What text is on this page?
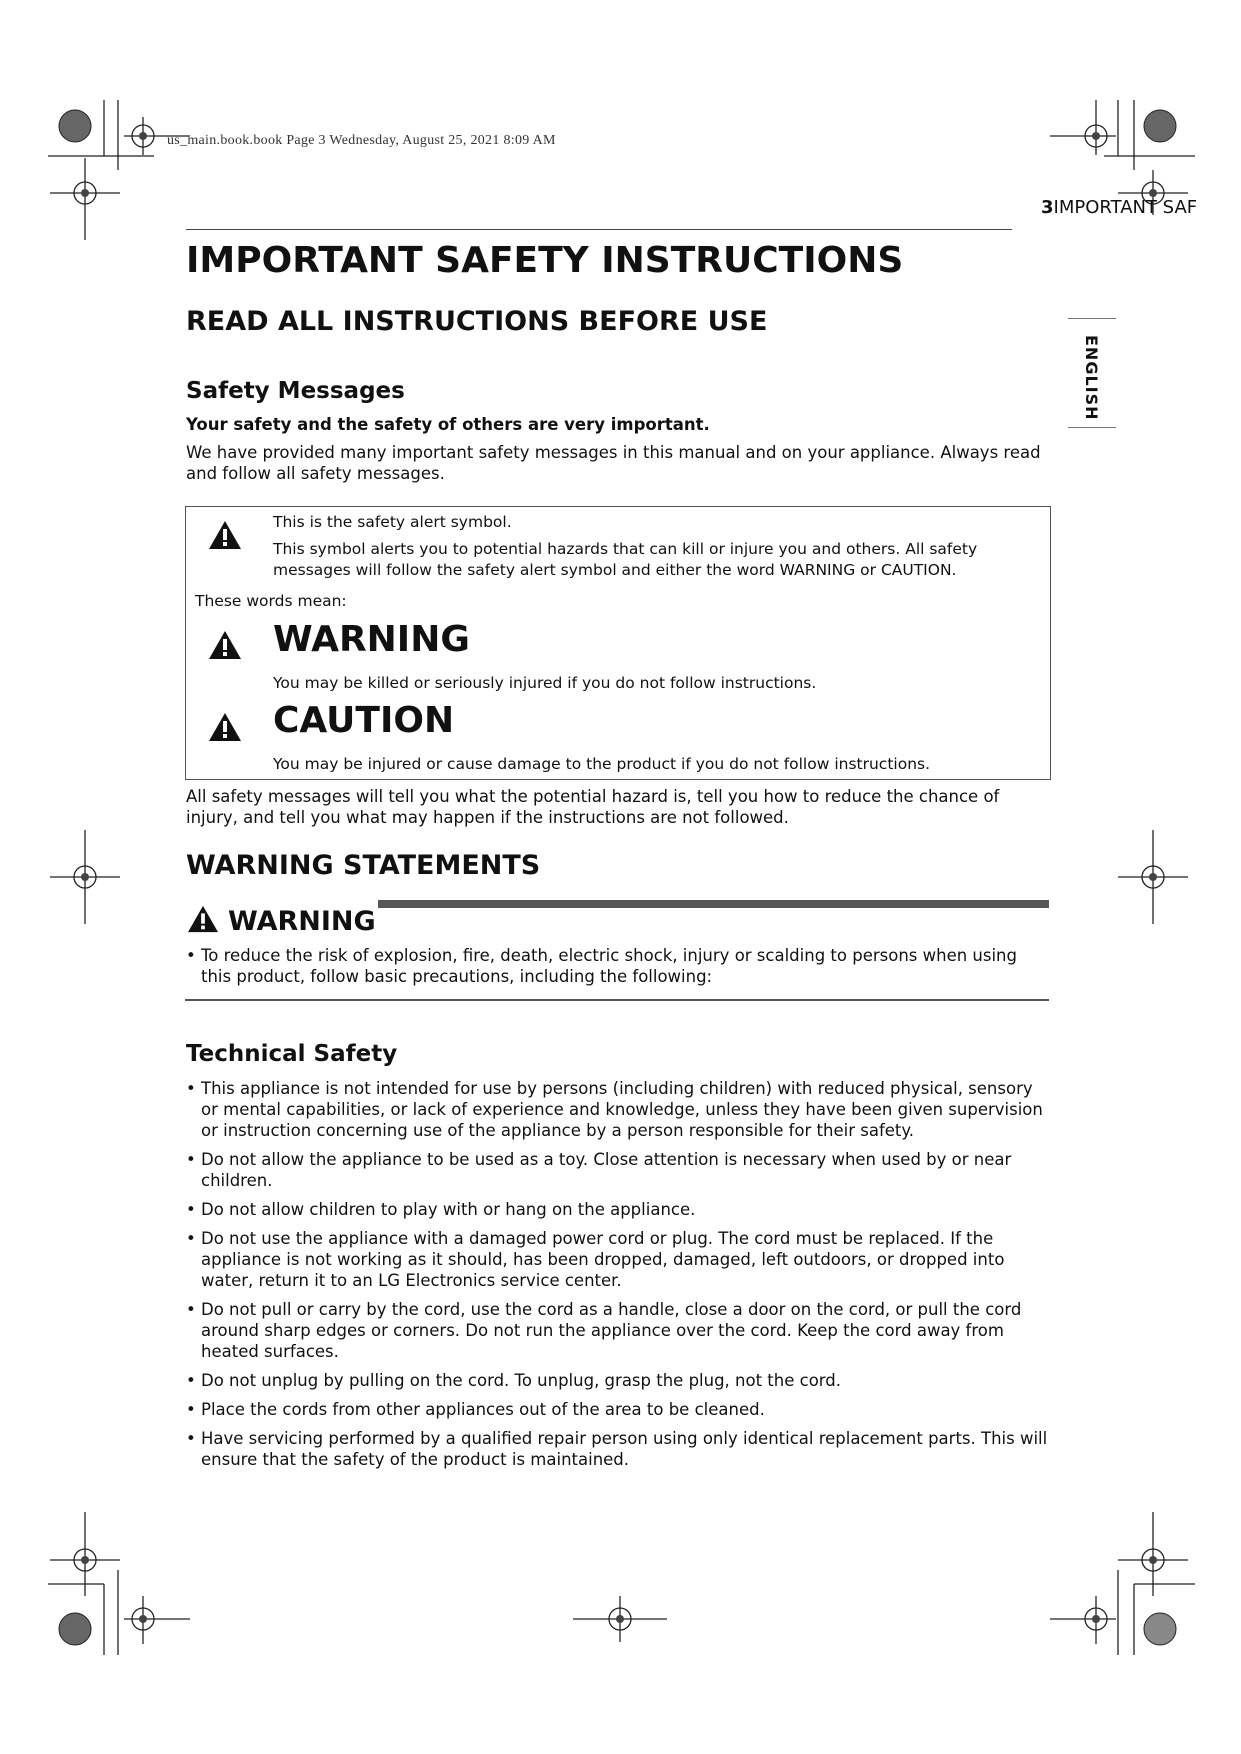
us_main.book.book Page 3 Wednesday, August 25, 2021 8:09 AM
3IMPORTANT SAF
ENGLISH
IMPORTANT SAFETY INSTRUCTIONS
READ ALL INSTRUCTIONS BEFORE USE
Safety Messages
Your safety and the safety of others are very important.
We have provided many important safety messages in this manual and on your appliance. Always read and follow all safety messages.
This is the safety alert symbol.
This symbol alerts you to potential hazards that can kill or injure you and others. All safety messages will follow the safety alert symbol and either the word WARNING or CAUTION.
These words mean:
WARNING
You may be killed or seriously injured if you do not follow instructions.
CAUTION
You may be injured or cause damage to the product if you do not follow instructions.
All safety messages will tell you what the potential hazard is, tell you how to reduce the chance of injury, and tell you what may happen if the instructions are not followed.
WARNING STATEMENTS
WARNING
• To reduce the risk of explosion, fire, death, electric shock, injury or scalding to persons when using this product, follow basic precautions, including the following:
Technical Safety
• This appliance is not intended for use by persons (including children) with reduced physical, sensory or mental capabilities, or lack of experience and knowledge, unless they have been given supervision or instruction concerning use of the appliance by a person responsible for their safety.
• Do not allow the appliance to be used as a toy. Close attention is necessary when used by or near children.
• Do not allow children to play with or hang on the appliance.
• Do not use the appliance with a damaged power cord or plug. The cord must be replaced. If the appliance is not working as it should, has been dropped, damaged, left outdoors, or dropped into water, return it to an LG Electronics service center.
• Do not pull or carry by the cord, use the cord as a handle, close a door on the cord, or pull the cord around sharp edges or corners. Do not run the appliance over the cord. Keep the cord away from heated surfaces.
• Do not unplug by pulling on the cord. To unplug, grasp the plug, not the cord.
• Place the cords from other appliances out of the area to be cleaned.
• Have servicing performed by a qualified repair person using only identical replacement parts. This will ensure that the safety of the product is maintained.
